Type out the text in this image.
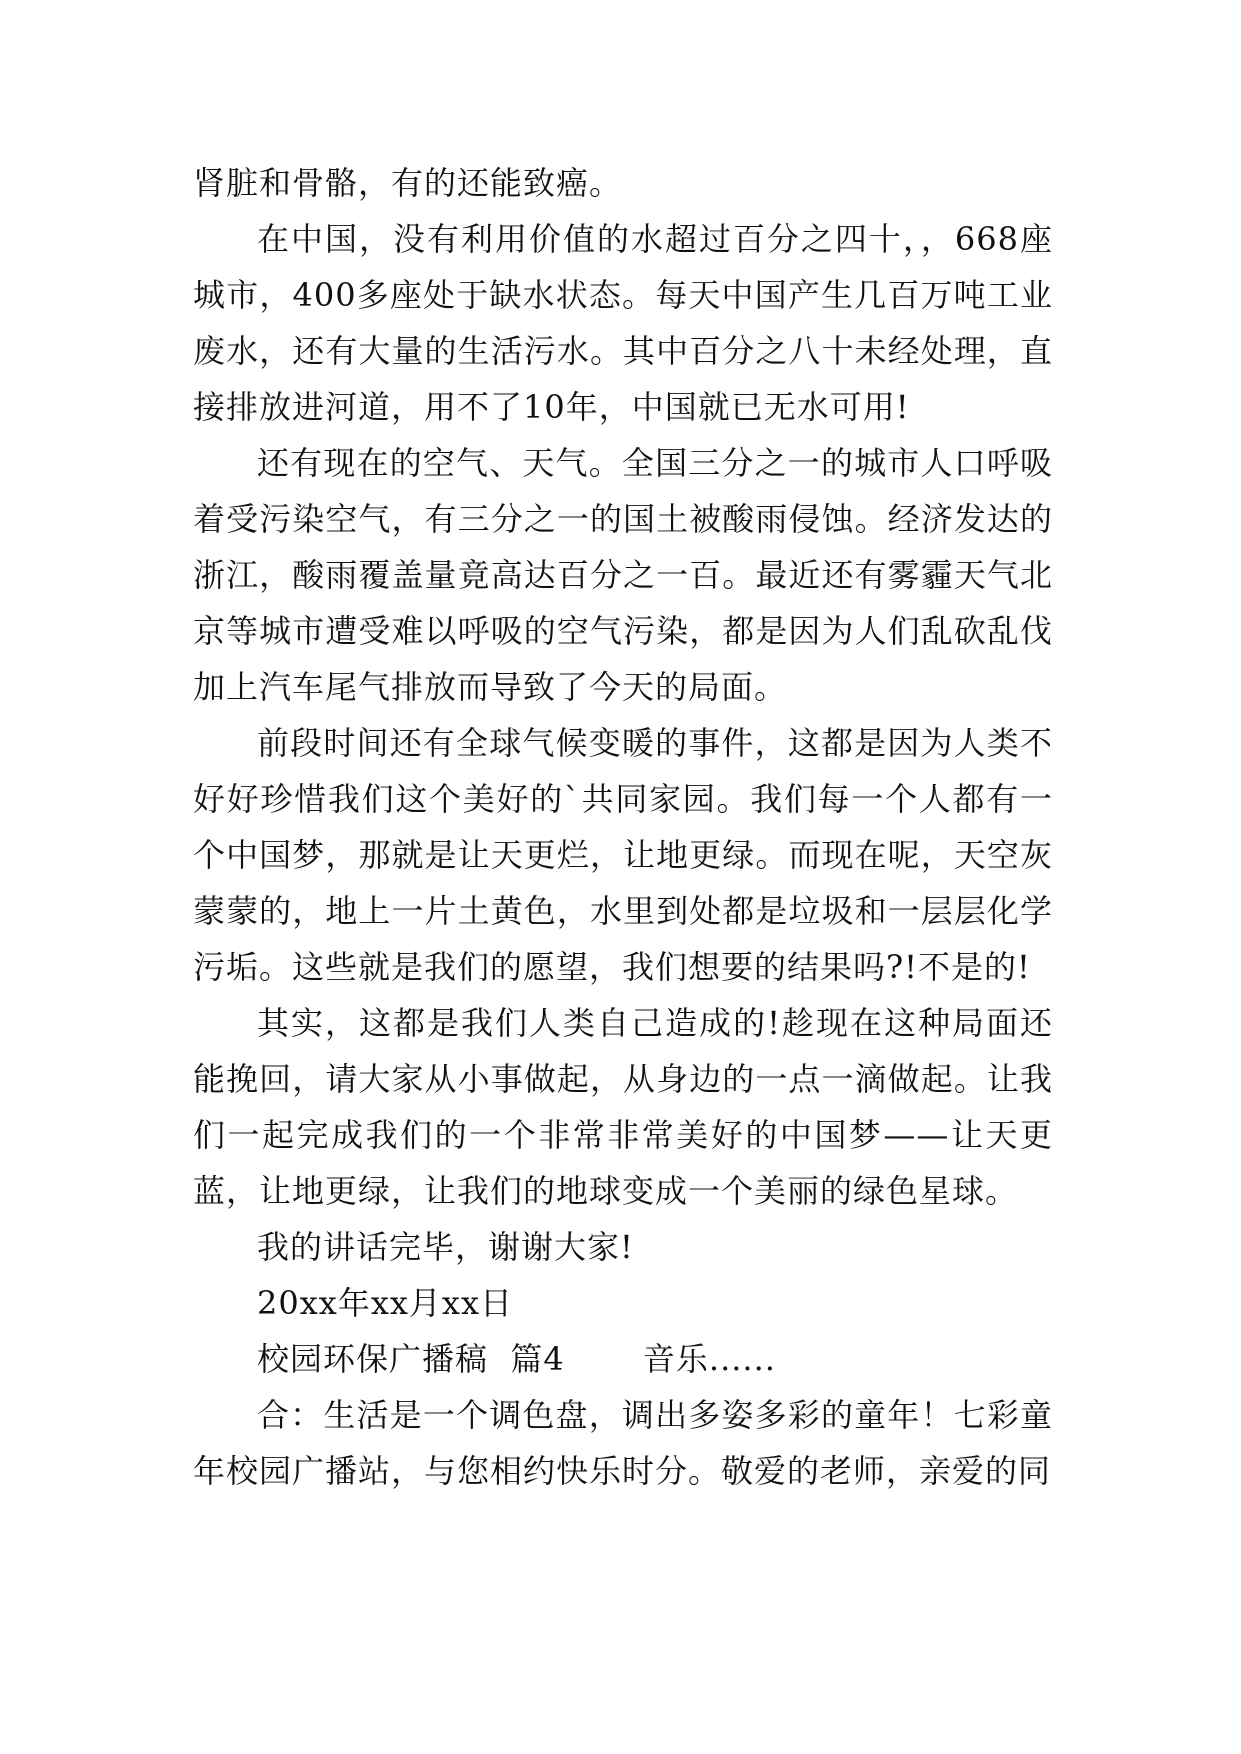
肾脏和骨骼，有的还能致癌。

在中国，没有利用价值的水超过百分之四十，，668座城市，400多座处于缺水状态。每天中国产生几百万吨工业废水，还有大量的生活污水。其中百分之八十未经处理，直接排放进河道，用不了10年，中国就已无水可用!

还有现在的空气、天气。全国三分之一的城市人口呼吸着受污染空气，有三分之一的国土被酸雨侵蚀。经济发达的浙江，酸雨覆盖量竟高达百分之一百。最近还有雾霾天气北京等城市遭受难以呼吸的空气污染，都是因为人们乱砍乱伐加上汽车尾气排放而导致了今天的局面。

前段时间还有全球气候变暖的事件，这都是因为人类不好好珍惜我们这个美好的`共同家园。我们每一个人都有一个中国梦，那就是让天更烂，让地更绿。而现在呢，天空灰蒙蒙的，地上一片土黄色，水里到处都是垃圾和一层层化学污垢。这些就是我们的愿望，我们想要的结果吗?!不是的!

其实，这都是我们人类自己造成的!趁现在这种局面还能挽回，请大家从小事做起，从身边的一点一滴做起。让我们一起完成我们的一个非常非常美好的中国梦——让天更蓝，让地更绿，让我们的地球变成一个美丽的绿色星球。

我的讲话完毕，谢谢大家!

20xx年xx月xx日

校园环保广播稿  篇4       音乐......

合：生活是一个调色盘，调出多姿多彩的童年！七彩童年校园广播站，与您相约快乐时分。敬爱的老师，亲爱的同
